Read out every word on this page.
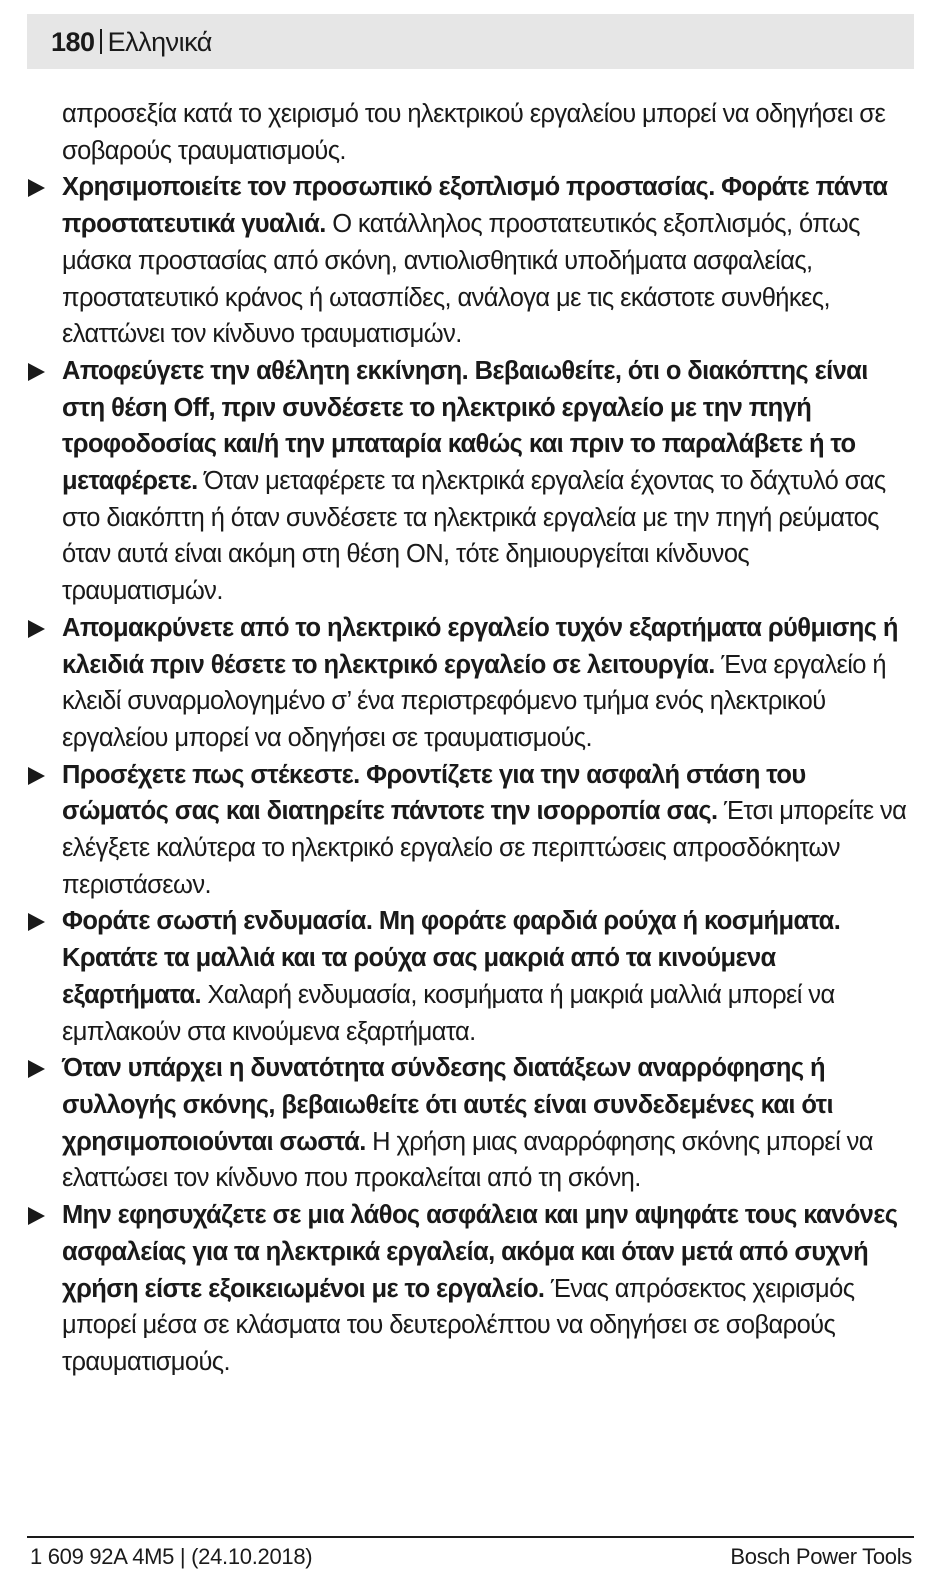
180 Ελληνικά

απροσεξία κατά το χειρισμό του ηλεκτρικού εργαλείου μπορεί να οδηγήσει σε σοβαρούς τραυματισμούς.

Χρησιμοποιείτε τον προσωπικό εξοπλισμό προστασίας. Φοράτε πάντα προστατευτικά γυαλιά. Ο κατάλληλος προστατευτικός εξοπλισμός, όπως μάσκα προστασίας από σκόνη, αντιολισθητικά υποδήματα ασφαλείας, προστατευτικό κράνος ή ωτασπίδες, ανάλογα με τις εκάστοτε συνθήκες, ελαττώνει τον κίνδυνο τραυματισμών.

Αποφεύγετε την αθέλητη εκκίνηση. Βεβαιωθείτε, ότι ο διακόπτης είναι στη θέση Off, πριν συνδέσετε το ηλεκτρικό εργαλείο με την πηγή τροφοδοσίας και/ή την μπαταρία καθώς και πριν το παραλάβετε ή το μεταφέρετε. Όταν μεταφέρετε τα ηλεκτρικά εργαλεία έχοντας το δάχτυλό σας στο διακόπτη ή όταν συνδέσετε τα ηλεκτρικά εργαλεία με την πηγή ρεύματος όταν αυτά είναι ακόμη στη θέση ON, τότε δημιουργείται κίνδυνος τραυματισμών.

Απομακρύνετε από το ηλεκτρικό εργαλείο τυχόν εξαρτήματα ρύθμισης ή κλειδιά πριν θέσετε το ηλεκτρικό εργαλείο σε λειτουργία. Ένα εργαλείο ή κλειδί συναρμολογημένο σ’ ένα περιστρεφόμενο τμήμα ενός ηλεκτρικού εργαλείου μπορεί να οδηγήσει σε τραυματισμούς.

Προσέχετε πως στέκεστε. Φροντίζετε για την ασφαλή στάση του σώματός σας και διατηρείτε πάντοτε την ισορροπία σας. Έτσι μπορείτε να ελέγξετε καλύτερα το ηλεκτρικό εργαλείο σε περιπτώσεις απροσδόκητων περιστάσεων.

Φοράτε σωστή ενδυμασία. Μη φοράτε φαρδιά ρούχα ή κοσμήματα. Κρατάτε τα μαλλιά και τα ρούχα σας μακριά από τα κινούμενα εξαρτήματα. Χαλαρή ενδυμασία, κοσμήματα ή μακριά μαλλιά μπορεί να εμπλακούν στα κινούμενα εξαρτήματα.

Όταν υπάρχει η δυνατότητα σύνδεσης διατάξεων αναρρόφησης ή συλλογής σκόνης, βεβαιωθείτε ότι αυτές είναι συνδεδεμένες και ότι χρησιμοποιούνται σωστά. Η χρήση μιας αναρρόφησης σκόνης μπορεί να ελαττώσει τον κίνδυνο που προκαλείται από τη σκόνη.

Μην εφησυχάζετε σε μια λάθος ασφάλεια και μην αψηφάτε τους κανόνες ασφαλείας για τα ηλεκτρικά εργαλεία, ακόμα και όταν μετά από συχνή χρήση είστε εξοικειωμένοι με το εργαλείο. Ένας απρόσεκτος χειρισμός μπορεί μέσα σε κλάσματα του δευτερολέπτου να οδηγήσει σε σοβαρούς τραυματισμούς.

1 609 92A 4M5 | (24.10.2018)	Bosch Power Tools
